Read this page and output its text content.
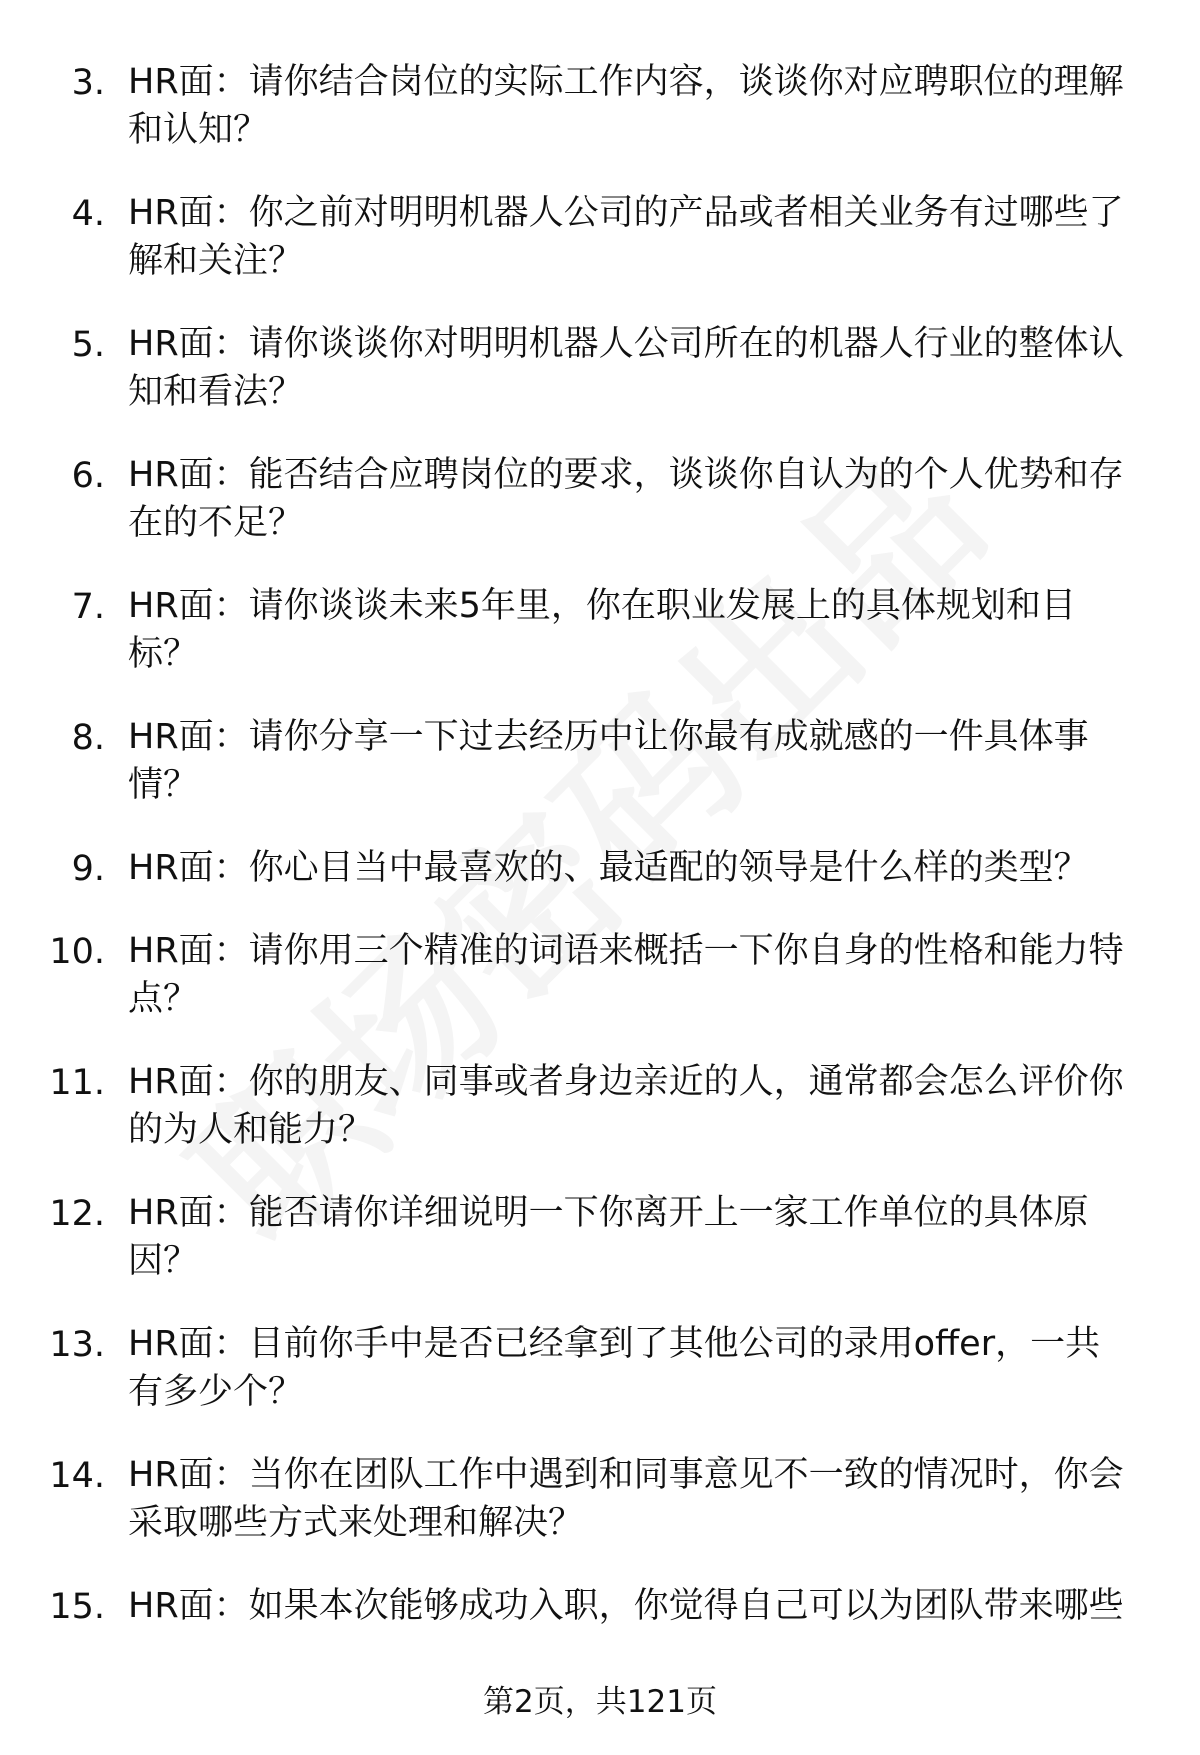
3. HR面：请你结合岗位的实际工作内容，谈谈你对应聘职位的理解
和认知？
4. HR面：你之前对明明机器人公司的产品或者相关业务有过哪些了
解和关注？
5. HR面：请你谈谈你对明明机器人公司所在的机器人行业的整体认
知和看法？
6. HR面：能否结合应聘岗位的要求，谈谈你自认为的个人优势和存
在的不足？
7. HR面：请你谈谈未来5年里，你在职业发展上的具体规划和目
标？
8. HR面：请你分享一下过去经历中让你最有成就感的一件具体事
情？
9. HR面：你心目当中最喜欢的、最适配的领导是什么样的类型？
10. HR面：请你用三个精准的词语来概括一下你自身的性格和能力特
点？
11. HR面：你的朋友、同事或者身边亲近的人，通常都会怎么评价你
的为人和能力？
12. HR面：能否请你详细说明一下你离开上一家工作单位的具体原
因？
13. HR面：目前你手中是否已经拿到了其他公司的录用offer，一共
有多少个？
14. HR面：当你在团队工作中遇到和同事意见不一致的情况时，你会
采取哪些方式来处理和解决？
15. HR面：如果本次能够成功入职，你觉得自己可以为团队带来哪些
第2页，共121页
